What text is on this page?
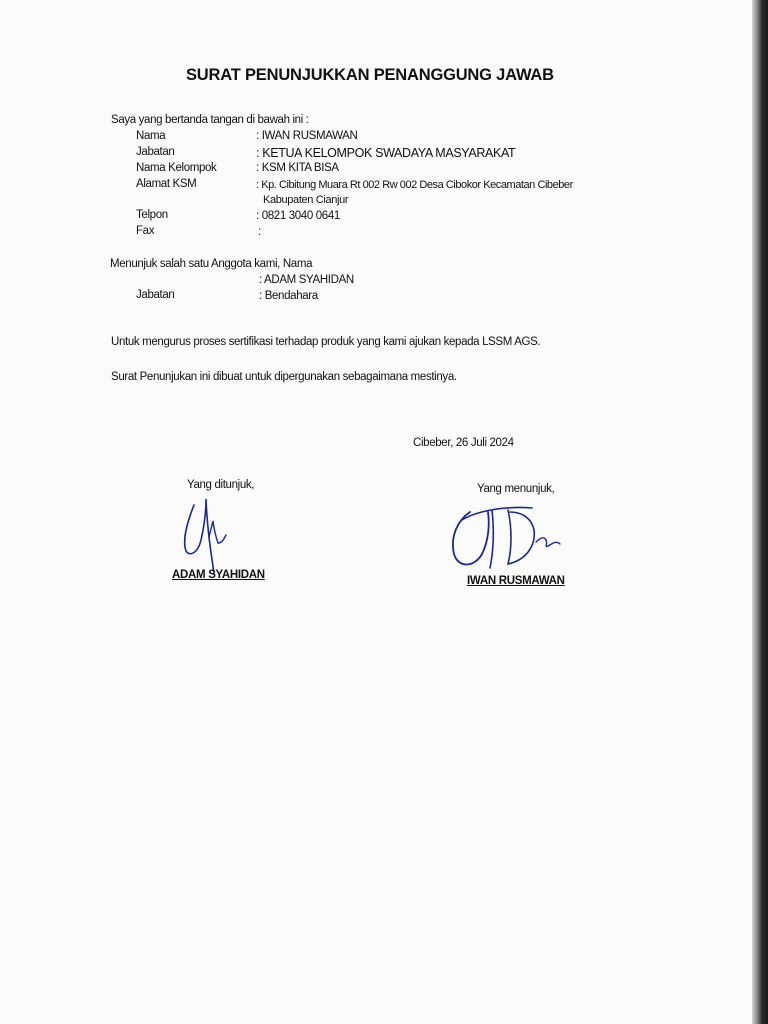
SURAT PENUNJUKKAN PENANGGUNG JAWAB
Saya yang bertanda tangan di bawah ini :
Nama	: IWAN RUSMAWAN
Jabatan	: KETUA KELOMPOK SWADAYA MASYARAKAT
Nama Kelompok	: KSM KITA BISA
Alamat KSM	: Kp. Cibitung Muara Rt 002 Rw 002 Desa Cibokor Kecamatan Cibeber
Kabupaten Cianjur
Telpon	: 0821 3040 0641
Fax	:
Menunjuk salah satu Anggota kami, Nama
: ADAM SYAHIDAN
Jabatan	: Bendahara
Untuk mengurus proses sertifikasi terhadap produk yang kami ajukan kepada LSSM AGS.
Surat Penunjukan ini dibuat untuk dipergunakan sebagaimana mestinya.
Cibeber, 26 Juli 2024
Yang ditunjuk,	Yang menunjuk,
ADAM SYAHIDAN	IWAN RUSMAWAN
